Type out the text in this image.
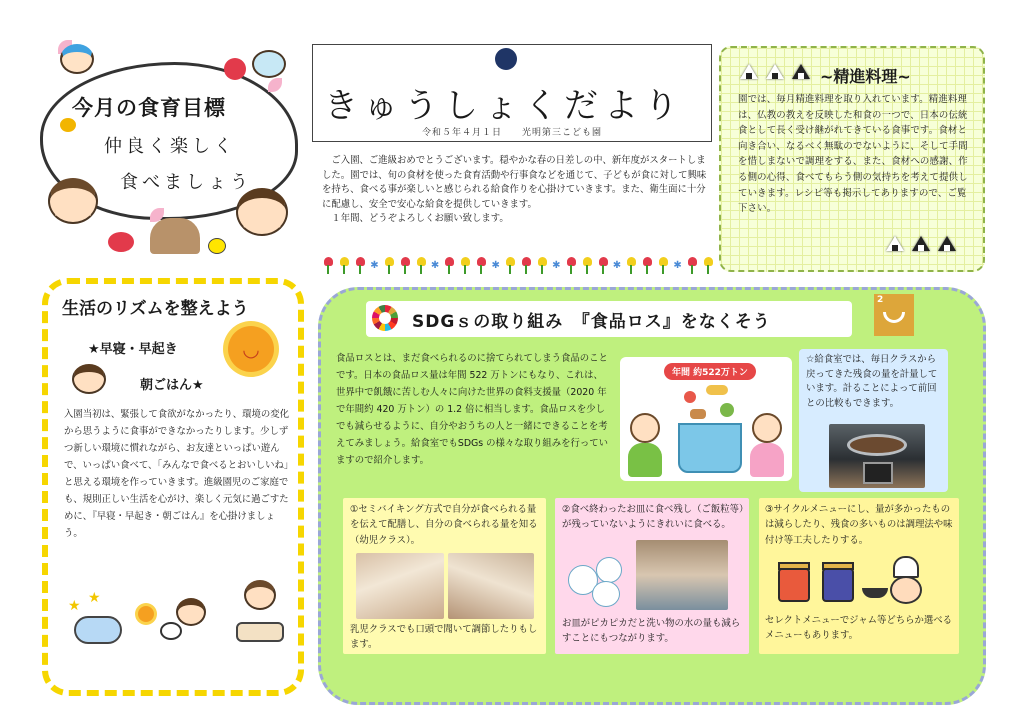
今月の食育目標
仲良く楽しく
食べましょう
きゅうしょくだより
令和５年４月１日　　光明第三こども園

　ご入園、ご進級おめでとうございます。穏やかな春の日差しの中、新年度がスタートしました。園では、旬の食材を使った食育活動や行事食などを通じて、子どもが食に対して興味を持ち、食べる事が楽しいと感じられる給食作りを心掛けていきます。また、衛生面に十分に配慮し、安全で安心な給食を提供していきます。

　１年間、どうぞよろしくお願い致します。

✱	✱	✱	✱	✱	✱
~精進料理~
園では、毎月精進料理を取り入れています。精進料理は、仏教の教えを反映した和食の一つで、日本の伝統食として長く受け継がれてきている食事です。食材と向き合い、なるべく無駄のでないように、そして手間を惜しまないで調理をする、また、食材への感謝、作る側の心得、食べてもらう側の気持ちを考えて提供していきます。レシピ等も掲示してありますので、ご覧下さい。
生活のリズムを整えよう
★早寝・早起き
朝ごはん★
◡
入園当初は、緊張して食欲がなかったり、環境の変化から思うように食事ができなかったりします。少しずつ新しい環境に慣れながら、お友達といっぱい遊んで、いっぱい食べて、「みんなで食べるとおいしいね」と思える環境を作っていきます。進級園児のご家庭でも、規則正しい生活を心がけ、楽しく元気に過ごすために、『早寝・早起き・朝ごはん』を心掛けましょう。
★ ★
SDGｓの取り組み　『食品ロス』をなくそう
2
食品ロスとは、まだ食べられるのに捨てられてしまう食品のことです。日本の食品ロス量は年間 522 万トンにもなり、これは、世界中で飢餓に苦しむ人々に向けた世界の食料支援量（2020 年で年間約 420 万トン）の 1.2 倍に相当します。食品ロスを少しでも減らせるように、自分やおうちの人と一緒にできることを考えてみましょう。給食室でもSDGs の様々な取り組みを行っていますので紹介します。
年間 約522万トン
☆給食室では、毎日クラスから戻ってきた残食の量を計量しています。計ることによって前回との比較もできます。
①セミバイキング方式で自分が食べられる量を伝えて配膳し、自分の食べられる量を知る（幼児クラス）。
乳児クラスでも口頭で聞いて調節したりもします。
②食べ終わったお皿に食べ残し（ご飯粒等）が残っていないようにきれいに食べる。
お皿がピカピカだと洗い物の水の量も減らすことにもつながります。
③サイクルメニューにし、量が多かったものは減らしたり、残食の多いものは調理法や味付け等工夫したりする。
セレクトメニューでジャム等どちらか選べるメニューもあります。
